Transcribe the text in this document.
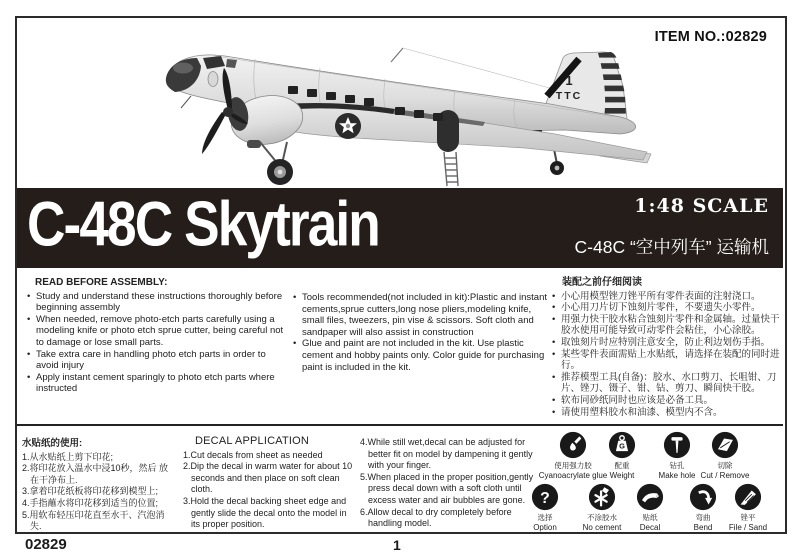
ITEM NO.:02829
1
TTC
C-48C Skytrain	1:48 SCALE
C-48C “空中列车” 运输机
READ BEFORE ASSEMBLY:
• Study and understand these instructions thoroughly before beginning assembly
• When needed, remove photo-etch parts carefully using a modeling knife or photo etch sprue cutter, being careful not to damage or lose small parts.
• Take extra care in handling photo etch parts in order to avoid injury
• Apply instant cement sparingly to photo etch parts where instructed
• Tools recommended(not included in kit):Plastic and instant cements,sprue cutters,long nose pliers,modeling knife, small files, tweezers, pin vise & scissors. Soft cloth and sandpaper will also assist in construction
• Glue and paint are not included in the kit. Use plastic cement and hobby paints only. Color guide for purchasing paint is included in the kit.
装配之前仔细阅读
• 小心用模型锉刀锉平所有零件表面的注射浇口。
• 小心用刀片切下蚀刻片零件，不要遗失小零件。
• 用强力快干胶水粘合蚀刻片零件和金属轴。过量快干胶水使用可能导致可动零件会粘住，小心涂胶。
• 取蚀刻片时应特别注意安全，防止利边划伤手指。
• 某些零件表面需贴上水贴纸，请选择在装配的同时进行。
• 推荐模型工具(自备)：胶水、水口剪刀、长咀钳、刀片、锉刀、镊子、钳、钻、剪刀、瞬间快干胶。
• 软布同砂纸同时也应该是必备工具。
• 请使用塑料胶水和油漆、模型内不含。
水贴纸的使用:
1.从水贴纸上剪下印花;
2.将印花放入温水中浸10秒，然后 放在干净布上.
3.拿着印花纸板将印花移到模型上;
4.手指蘸水将印花移到适当的位置;
5.用软布轻压印花直至水干、汽泡消失.
DECAL APPLICATION
1.Cut decals from sheet as needed
2.Dip the decal in warm water for about 10 seconds and then place on soft clean cloth.
3.Hold the decal backing sheet edge and gently slide the decal onto the model in its proper position.
4.While still wet,decal can be adjusted for better fit on model by dampening it gently with your finger.
5.When placed in the proper position,gently press decal down with a soft cloth until excess water and air bubbles are gone.
6.Allow decal to dry completely before handling model.
使用强力胶
Cyanoacrylate glue
G
配重
Weight
钻孔
Make hole
切除
Cut / Remove
?
选择
Option
不涂胶水
No cement
贴纸
Decal
弯曲
Bend
锉平
File / Sand
02829	1
